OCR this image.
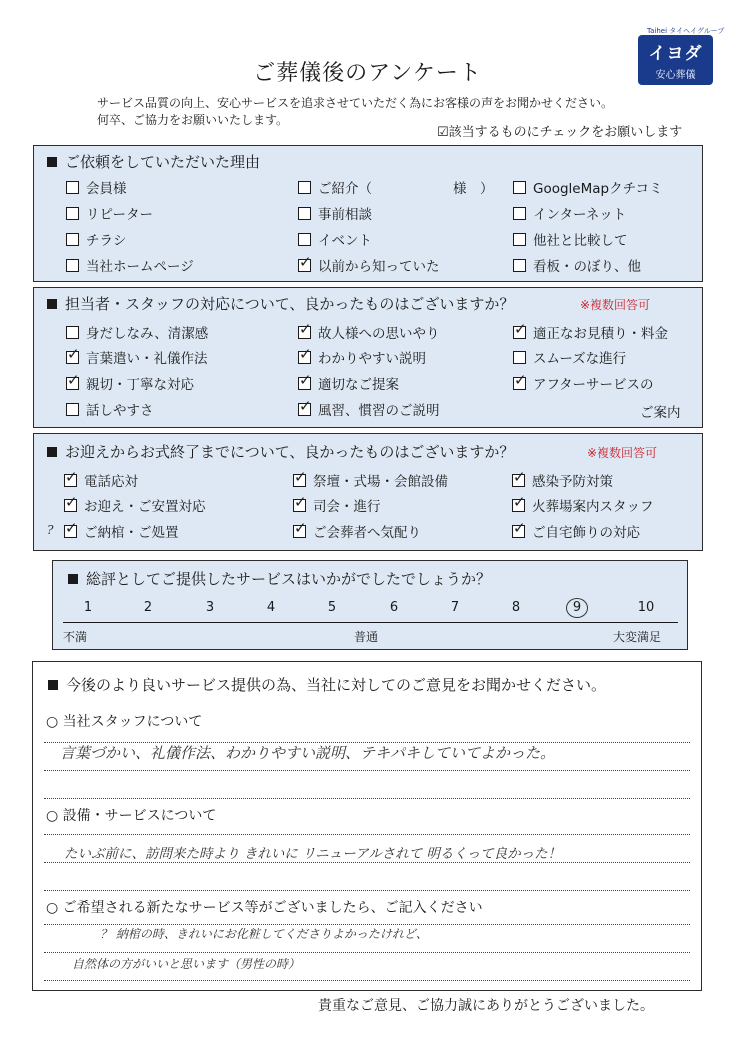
Taihei タイヘイグループ
イヨダ
安心葬儀
ご葬儀後のアンケート
サービス品質の向上、安心サービスを追求させていただく為にお客様の声をお聞かせください。
何卒、ご協力をお願いいたします。
☑該当するものにチェックをお願いします
ご依頼をしていただいた理由
会員様	ご紹介（　　　　　　様　）	GoogleMapクチコミ
リピーター	事前相談	インターネット
チラシ	イベント	他社と比較して
当社ホームページ ✓	以前から知っていた	看板・のぼり、他
担当者・スタッフの対応について、良かったものはございますか？	※複数回答可
身だしなみ、清潔感 ✓	故人様への思いやり ✓	適正なお見積り・料金
✓言葉遣い・礼儀作法 ✓	わかりやすい説明	スムーズな進行
✓親切・丁寧な対応 ✓	適切なご提案 ✓	アフターサービスの
話しやすさ ✓	風習、慣習のご説明	ご案内
お迎えからお式終了までについて、良かったものはございますか？	※複数回答可
?
✓電話応対 ✓	祭壇・式場・会館設備 ✓	感染予防対策
✓お迎え・ご安置対応 ✓	司会・進行 ✓	火葬場案内スタッフ
✓ご納棺・ご処置 ✓	ご会葬者へ気配り ✓	ご自宅飾りの対応
総評としてご提供したサービスはいかがでしたでしょうか？
1	2	3	4	5	6	7	8	9	10
不満	普通	大変満足
今後のより良いサービス提供の為、当社に対してのご意見をお聞かせください。
○ 当社スタッフについて
言葉づかい、礼儀作法、わかりやすい説明、テキパキしていてよかった。
○ 設備・サービスについて
たいぶ前に、訪問来た時より きれいに リニューアルされて 明るくって良かった！
○ ご希望される新たなサービス等がございましたら、ご記入ください
？ 納棺の時、きれいにお化粧してくださりよかったけれど、
自然体の方がいいと思います（男性の時）
貴重なご意見、ご協力誠にありがとうございました。
